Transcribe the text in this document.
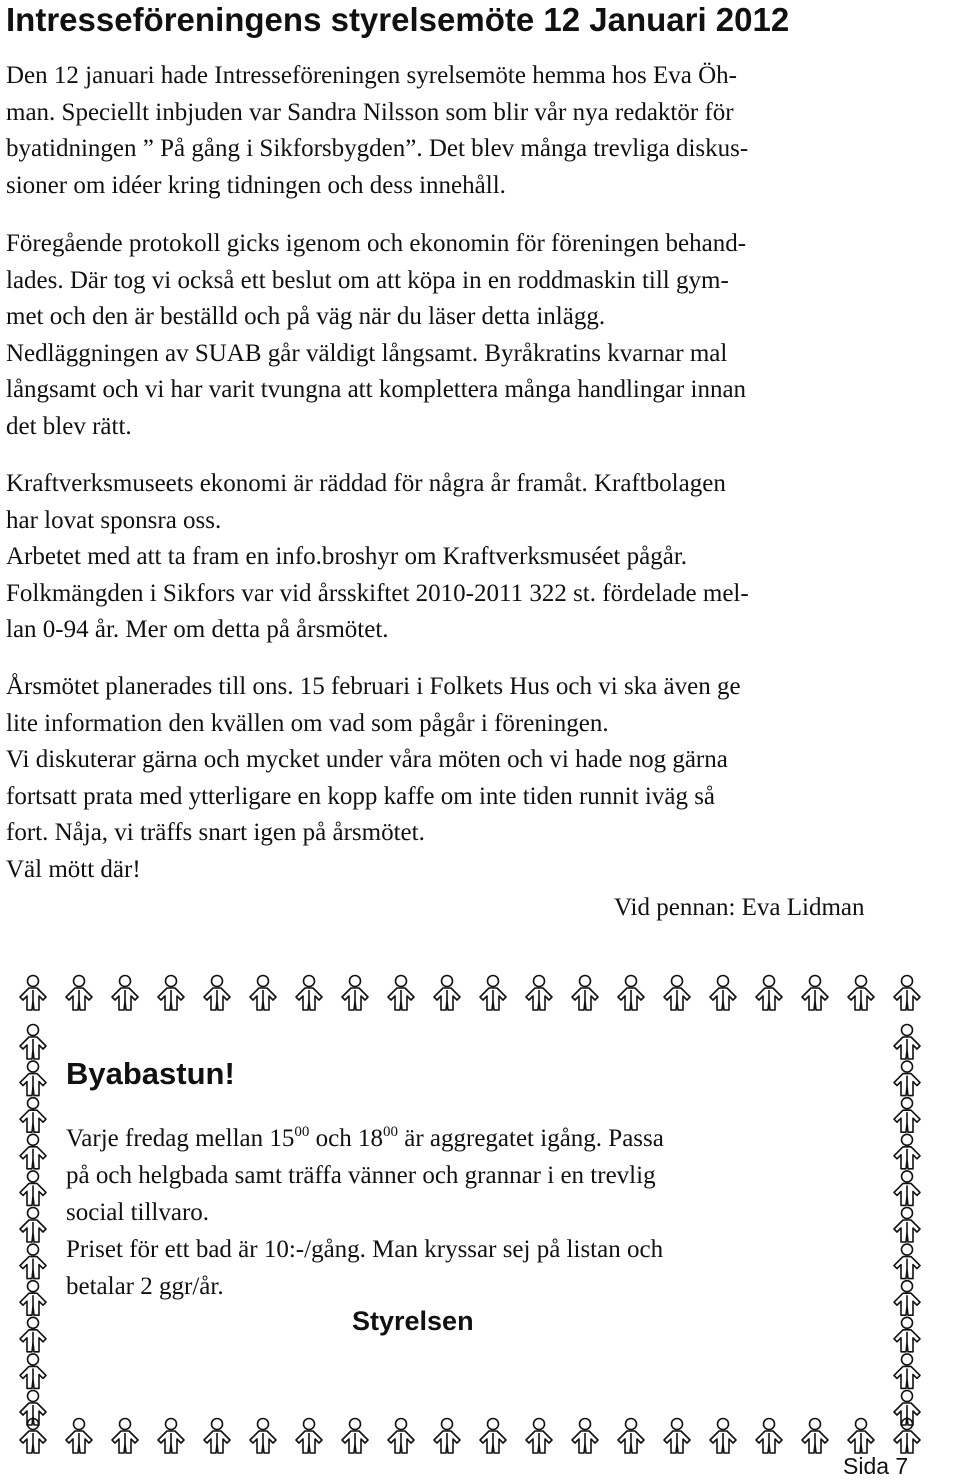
Intresseföreningens styrelsemöte 12 Januari 2012
Den 12 januari hade Intresseföreningen syrelsemöte hemma hos Eva Öh-
man. Speciellt inbjuden var Sandra Nilsson som blir vår nya redaktör för
byatidningen ” På gång i Sikforsbygden”. Det blev många trevliga diskus-
sioner om idéer kring tidningen och dess innehåll.
Föregående protokoll gicks igenom och ekonomin för föreningen behand-
lades. Där tog vi också ett beslut om att köpa in en roddmaskin till gym-
met och den är beställd och på väg när du läser detta inlägg.
Nedläggningen av SUAB går väldigt långsamt. Byråkratins kvarnar mal
långsamt och vi har varit tvungna att komplettera många handlingar innan
det blev rätt.
Kraftverksmuseets ekonomi är räddad för några år framåt. Kraftbolagen
har lovat sponsra oss.
Arbetet med att ta fram en info.broshyr om Kraftverksmuséet pågår.
Folkmängden i Sikfors var vid årsskiftet 2010-2011 322 st. fördelade mel-
lan 0-94 år. Mer om detta på årsmötet.
Årsmötet planerades till ons. 15 februari i Folkets Hus och vi ska även ge
lite information den kvällen om vad som pågår i föreningen.
Vi diskuterar gärna och mycket under våra möten och vi hade nog gärna
fortsatt prata med ytterligare en kopp kaffe om inte tiden runnit iväg så
fort. Nåja, vi träffs snart igen på årsmötet.
Väl mött där!
Vid pennan: Eva Lidman
Byabastun!
Varje fredag mellan $15^{00}$ och $18^{00}$ är aggregatet igång. Passa
på och helgbada samt träffa vänner och grannar i en trevlig
social tillvaro.
Priset för ett bad är 10:-/gång. Man kryssar sej på listan och
betalar 2 ggr/år.
Styrelsen
Sida 7
